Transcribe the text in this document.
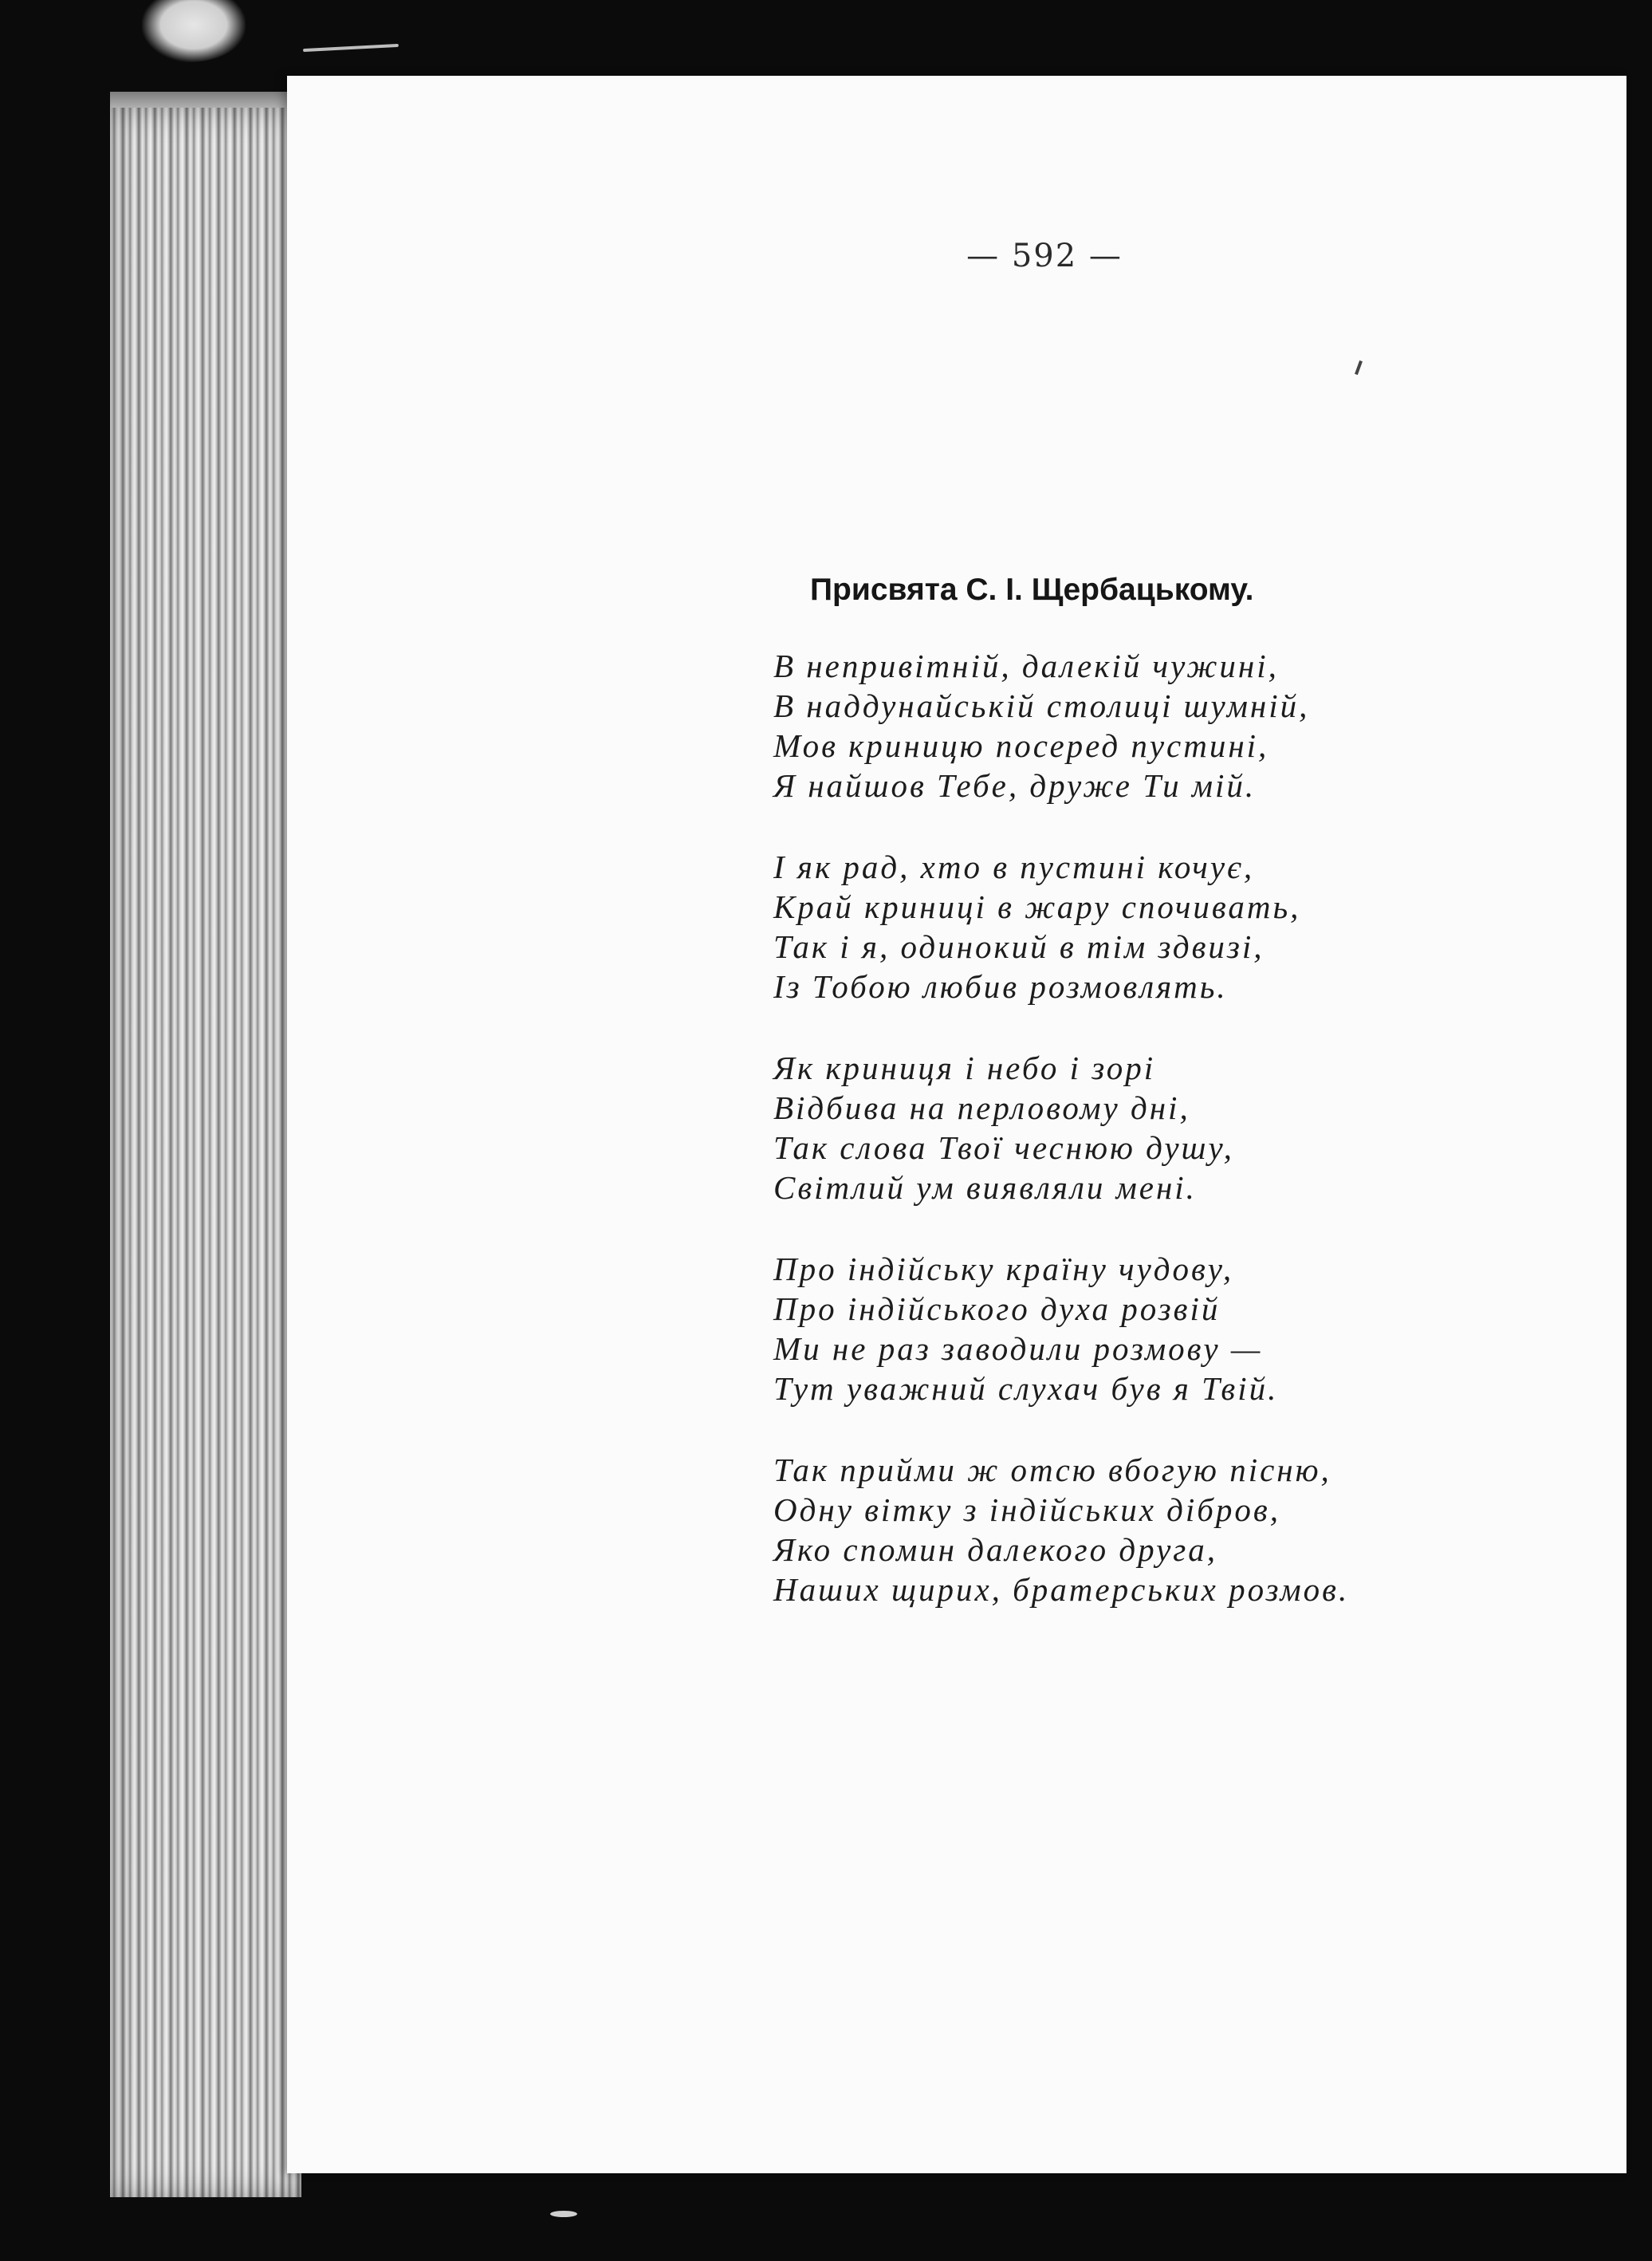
— 592 —
Присвята С. І. Щербацькому.
В непривітній, далекій чужині,
В наддунайській столиці шумній,
Мов криницю посеред пустині,
Я найшов Тебе, друже Ти мій.
І як рад, хто в пустині кочує,
Край криниці в жару спочивать,
Так і я, одинокий в тім здвизі,
Із Тобою любив розмовлять.
Як криниця і небо і зорі
Відбива на перловому дні,
Так слова Твої чеснюю душу,
Світлий ум виявляли мені.
Про індійську країну чудову,
Про індійського духа розвій
Ми не раз заводили розмову —
Тут уважний слухач був я Твій.
Так прийми ж отсю вбогую пісню,
Одну вітку з індійських дібров,
Яко спомин далекого друга,
Наших щирих, братерських розмов.
